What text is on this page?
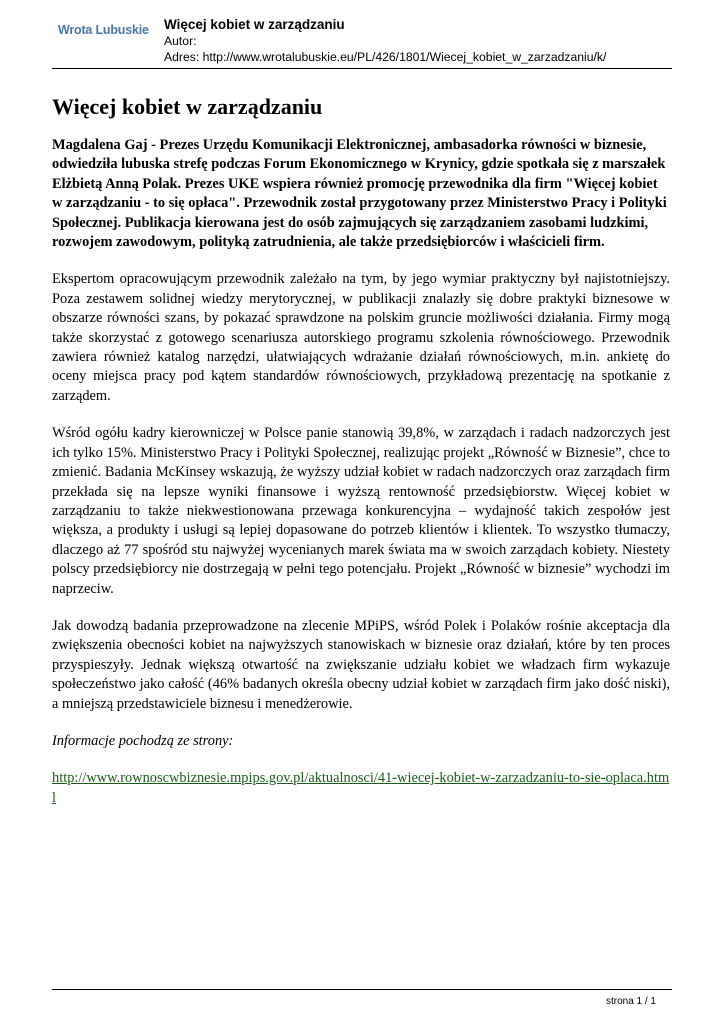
Wrota Lubuskie Więcej kobiet w zarządzaniu
Autor:
Adres: http://www.wrotalubuskie.eu/PL/426/1801/Wiecej_kobiet_w_zarzadzaniu/k/
Więcej kobiet w zarządzaniu

Magdalena Gaj - Prezes Urzędu Komunikacji Elektronicznej, ambasadorka równości w biznesie, odwiedziła lubuska strefę podczas Forum Ekonomicznego w Krynicy, gdzie spotkała się z marszałek Elżbietą Anną Polak. Prezes UKE wspiera również promocję przewodnika dla firm "Więcej kobiet w zarządzaniu - to się opłaca". Przewodnik został przygotowany przez Ministerstwo Pracy i Polityki Społecznej. Publikacja kierowana jest do osób zajmujących się zarządzaniem zasobami ludzkimi, rozwojem zawodowym, polityką zatrudnienia, ale także przedsiębiorców i właścicieli firm.

Ekspertom opracowującym przewodnik zależało na tym, by jego wymiar praktyczny był najistotniejszy. Poza zestawem solidnej wiedzy merytorycznej, w publikacji znalazły się dobre praktyki biznesowe w obszarze równości szans, by pokazać sprawdzone na polskim gruncie możliwości działania. Firmy mogą także skorzystać z gotowego scenariusza autorskiego programu szkolenia równościowego. Przewodnik zawiera również katalog narzędzi, ułatwiających wdrażanie działań równościowych, m.in. ankietę do oceny miejsca pracy pod kątem standardów równościowych, przykładową prezentację na spotkanie z zarządem.

Wśród ogółu kadry kierowniczej w Polsce panie stanowią 39,8%, w zarządach i radach nadzorczych jest ich tylko 15%. Ministerstwo Pracy i Polityki Społecznej, realizując projekt „Równość w Biznesie”, chce to zmienić. Badania McKinsey wskazują, że wyższy udział kobiet w radach nadzorczych oraz zarządach firm przekłada się na lepsze wyniki finansowe i wyższą rentowność przedsiębiorstw. Więcej kobiet w zarządzaniu to także niekwestionowana przewaga konkurencyjna – wydajność takich zespołów jest większa, a produkty i usługi są lepiej dopasowane do potrzeb klientów i klientek. To wszystko tłumaczy, dlaczego aż 77 spośród stu najwyżej wycenianych marek świata ma w swoich zarządach kobiety. Niestety polscy przedsiębiorcy nie dostrzegają w pełni tego potencjału. Projekt „Równość w biznesie” wychodzi im naprzeciw.

Jak dowodzą badania przeprowadzone na zlecenie MPiPS, wśród Polek i Polaków rośnie akceptacja dla zwiększenia obecności kobiet na najwyższych stanowiskach w biznesie oraz działań, które by ten proces przyspieszyły. Jednak większą otwartość na zwiększanie udziału kobiet we władzach firm wykazuje społeczeństwo jako całość (46% badanych określa obecny udział kobiet w zarządach firm jako dość niski), a mniejszą przedstawiciele biznesu i menedżerowie.

Informacje pochodzą ze strony:

http://www.rownoscwbiznesie.mpips.gov.pl/aktualnosci/41-wiecej-kobiet-w-zarzadzaniu-to-sie-oplaca.html

strona 1 / 1
